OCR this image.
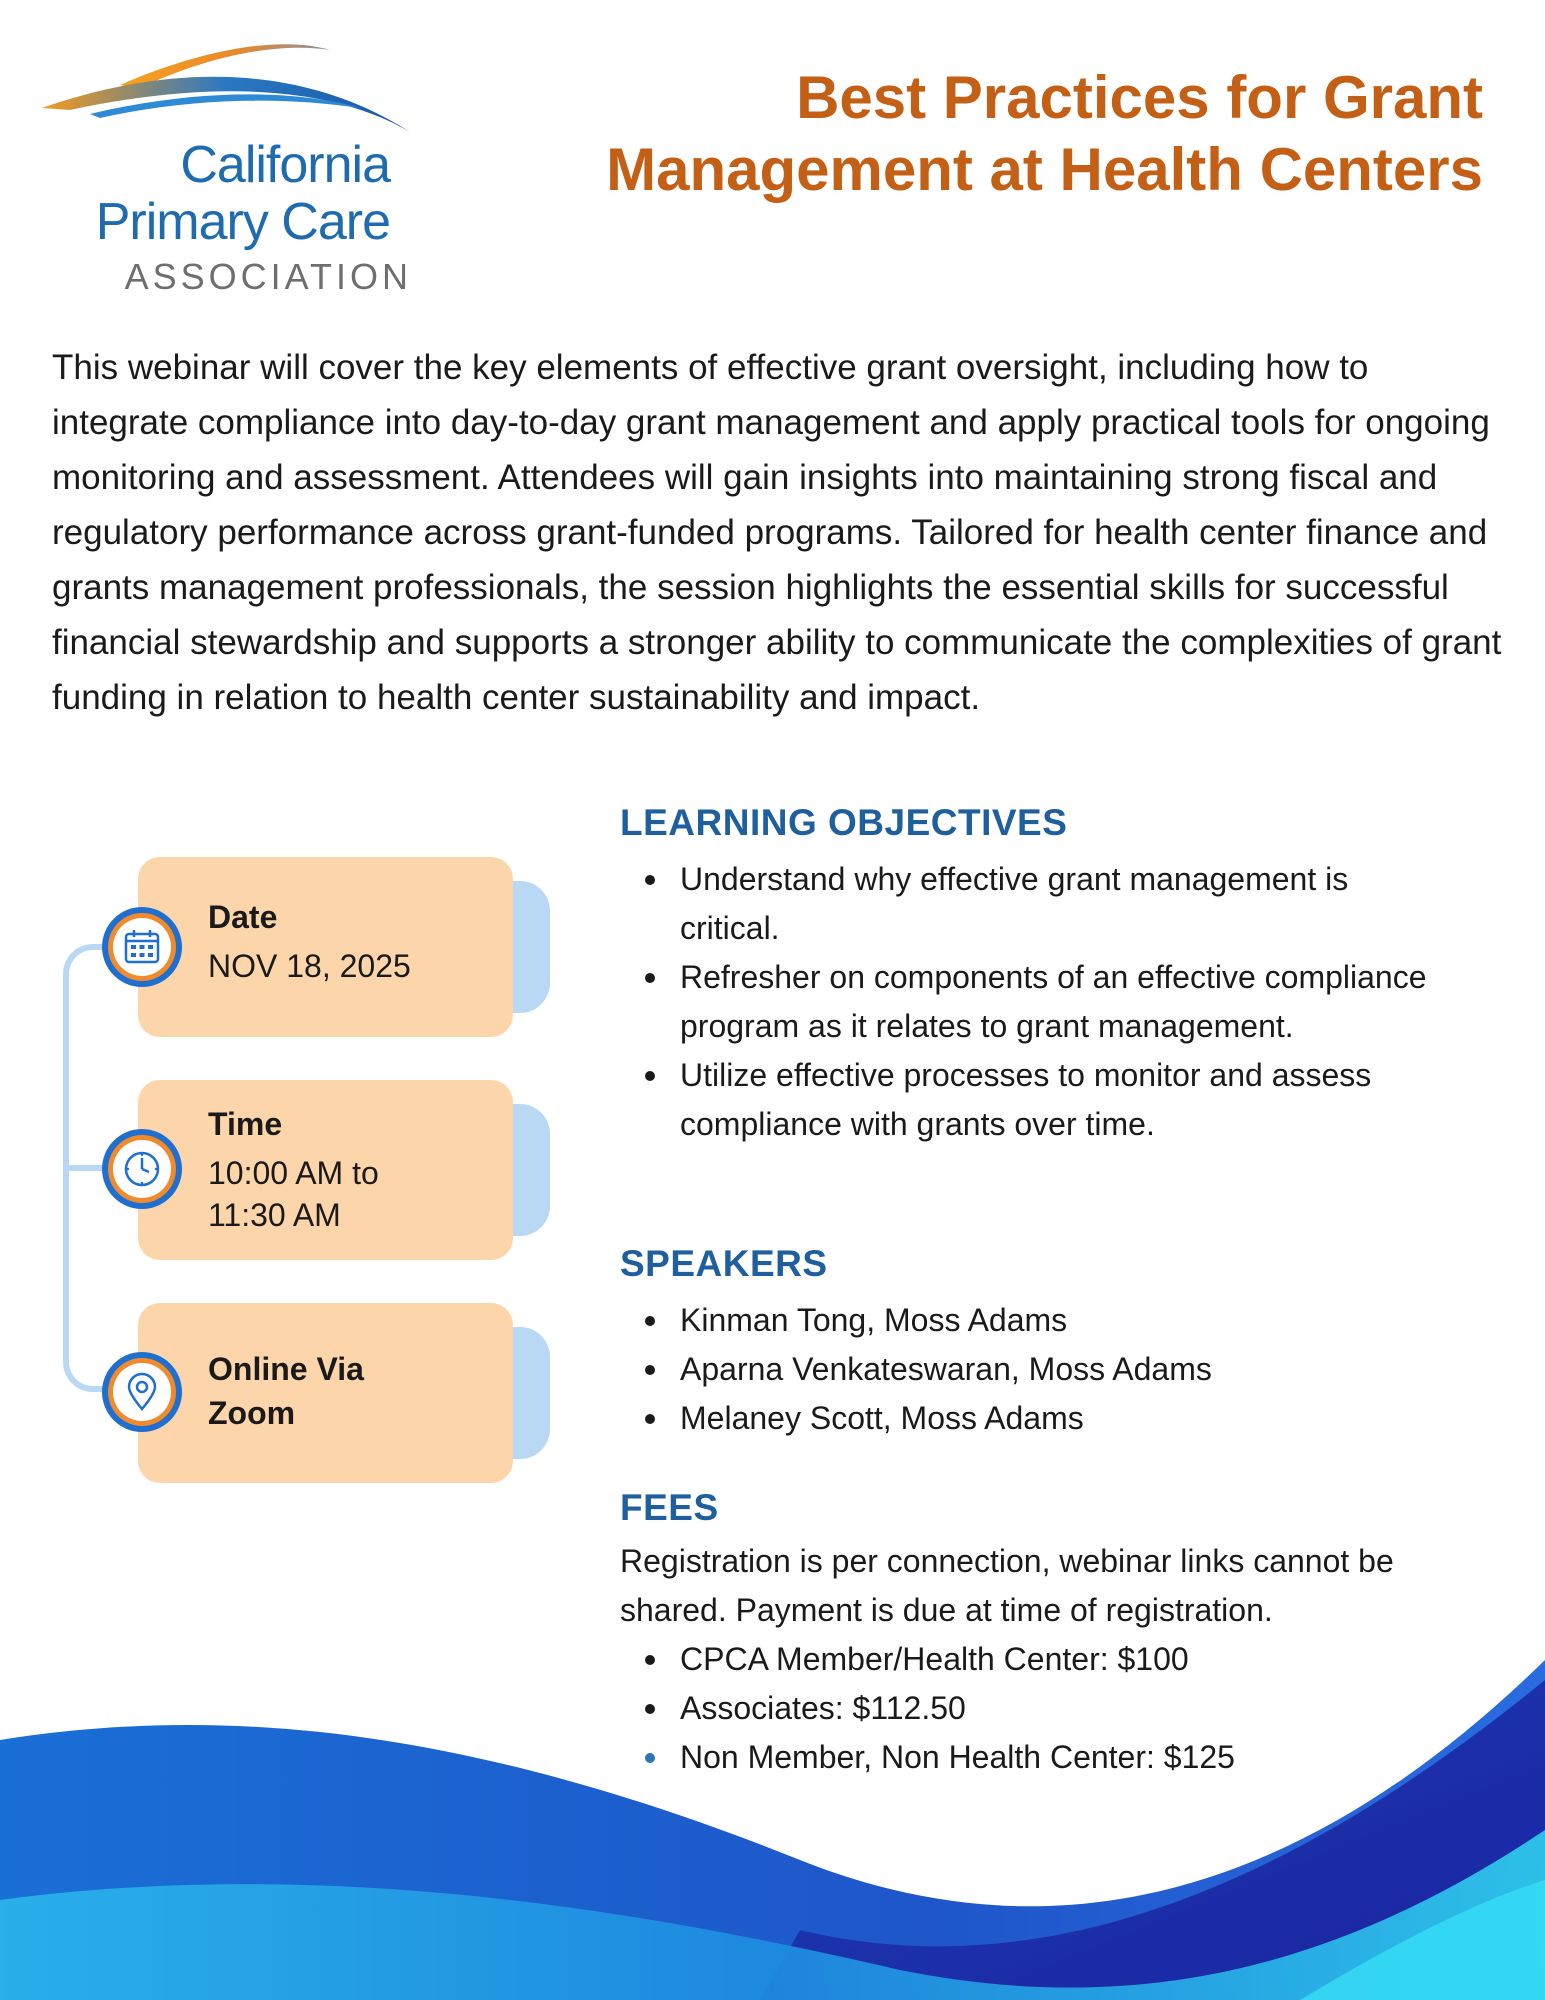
California
Primary Care
ASSOCIATION
Best Practices for Grant
Management at Health Centers

This webinar will cover the key elements of effective grant oversight, including how to integrate compliance into day-to-day grant management and apply practical tools for ongoing monitoring and assessment. Attendees will gain insights into maintaining strong fiscal and regulatory performance across grant-funded programs. Tailored for health center finance and grants management professionals, the session highlights the essential skills for successful financial stewardship and supports a stronger ability to communicate the complexities of grant funding in relation to health center sustainability and impact.

Date
NOV 18, 2025
Time
10:00 AM to
11:30 AM
Online Via
Zoom
LEARNING OBJECTIVES
Understand why effective grant management is critical.
Refresher on components of an effective compliance program as it relates to grant management.
Utilize effective processes to monitor and assess compliance with grants over time.
SPEAKERS
Kinman Tong, Moss Adams
Aparna Venkateswaran, Moss Adams
Melaney Scott, Moss Adams
FEES

Registration is per connection, webinar links cannot be shared. Payment is due at time of registration.

CPCA Member/Health Center: $100
Associates: $112.50
Non Member, Non Health Center: $125
